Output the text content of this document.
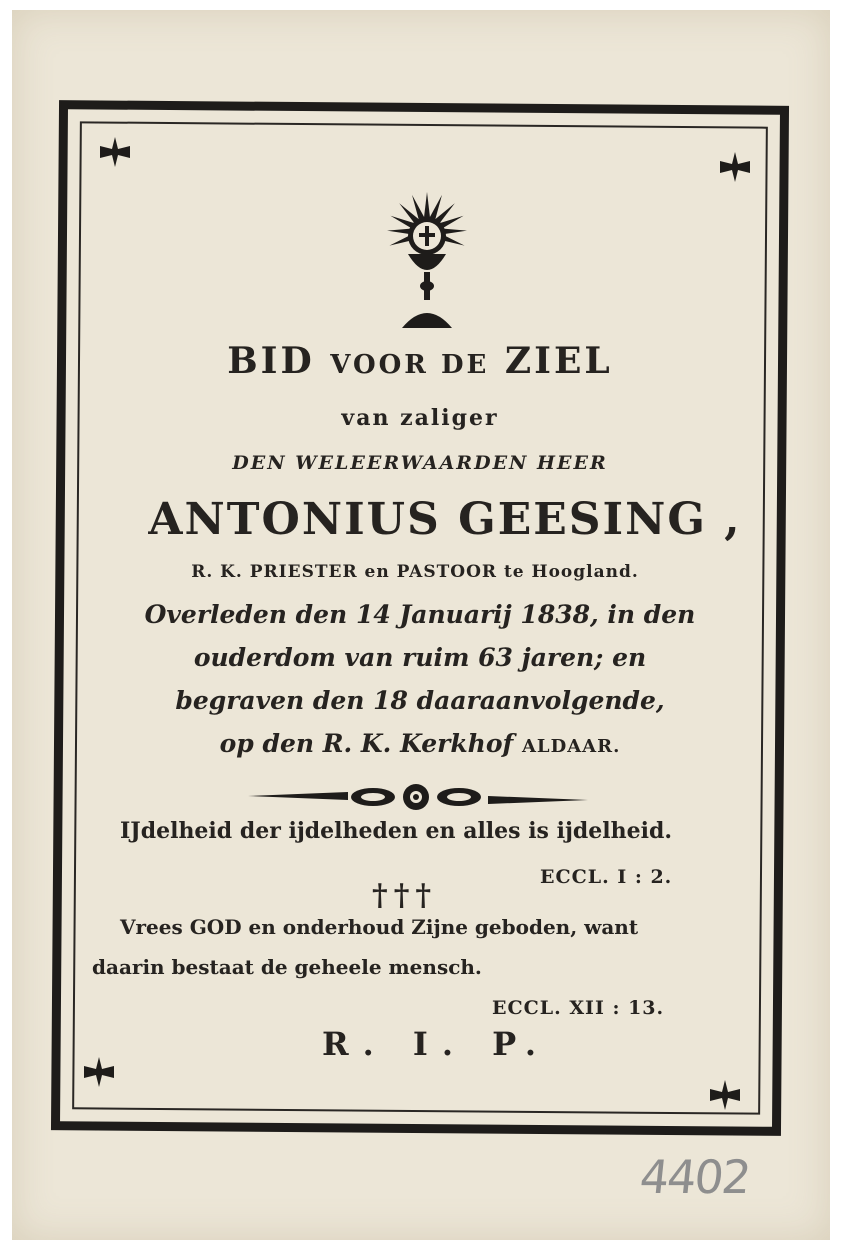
BID VOOR DE ZIEL
van zaliger
DEN WELEERWAARDEN HEER
ANTONIUS GEESING ,
R. K. PRIESTER en PASTOOR te Hoogland.
Overleden den 14 Januarij 1838, in den
ouderdom van ruim 63 jaren; en
begraven den 18 daaraanvolgende,
op den R. K. Kerkhof ALDAAR.
IJdelheid der ijdelheden en alles is ijdelheid.
ECCL. I : 2.
†††
Vrees GOD en onderhoud Zijne geboden, want
daarin bestaat de geheele mensch.
ECCL. XII : 13.
R. I. P.
4402
